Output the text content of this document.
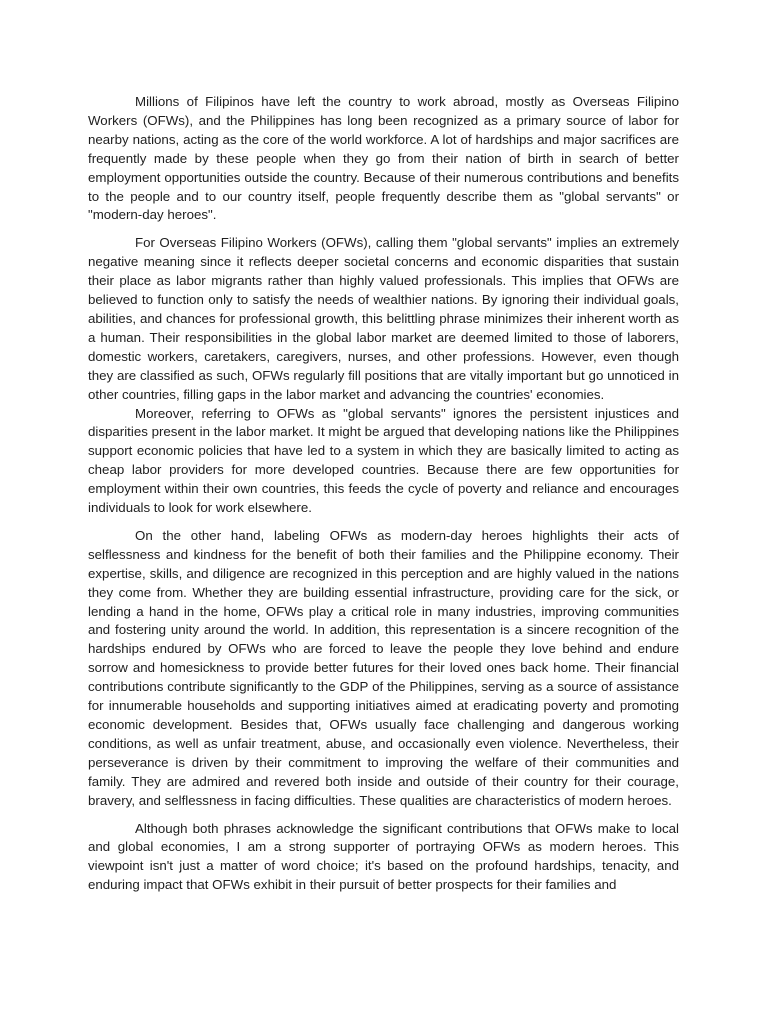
Millions of Filipinos have left the country to work abroad, mostly as Overseas Filipino Workers (OFWs), and the Philippines has long been recognized as a primary source of labor for nearby nations, acting as the core of the world workforce. A lot of hardships and major sacrifices are frequently made by these people when they go from their nation of birth in search of better employment opportunities outside the country. Because of their numerous contributions and benefits to the people and to our country itself, people frequently describe them as "global servants" or "modern-day heroes".

For Overseas Filipino Workers (OFWs), calling them "global servants" implies an extremely negative meaning since it reflects deeper societal concerns and economic disparities that sustain their place as labor migrants rather than highly valued professionals. This implies that OFWs are believed to function only to satisfy the needs of wealthier nations. By ignoring their individual goals, abilities, and chances for professional growth, this belittling phrase minimizes their inherent worth as a human. Their responsibilities in the global labor market are deemed limited to those of laborers, domestic workers, caretakers, caregivers, nurses, and other professions. However, even though they are classified as such, OFWs regularly fill positions that are vitally important but go unnoticed in other countries, filling gaps in the labor market and advancing the countries' economies.

Moreover, referring to OFWs as "global servants" ignores the persistent injustices and disparities present in the labor market. It might be argued that developing nations like the Philippines support economic policies that have led to a system in which they are basically limited to acting as cheap labor providers for more developed countries. Because there are few opportunities for employment within their own countries, this feeds the cycle of poverty and reliance and encourages individuals to look for work elsewhere.

On the other hand, labeling OFWs as modern-day heroes highlights their acts of selflessness and kindness for the benefit of both their families and the Philippine economy. Their expertise, skills, and diligence are recognized in this perception and are highly valued in the nations they come from. Whether they are building essential infrastructure, providing care for the sick, or lending a hand in the home, OFWs play a critical role in many industries, improving communities and fostering unity around the world. In addition, this representation is a sincere recognition of the hardships endured by OFWs who are forced to leave the people they love behind and endure sorrow and homesickness to provide better futures for their loved ones back home. Their financial contributions contribute significantly to the GDP of the Philippines, serving as a source of assistance for innumerable households and supporting initiatives aimed at eradicating poverty and promoting economic development. Besides that, OFWs usually face challenging and dangerous working conditions, as well as unfair treatment, abuse, and occasionally even violence. Nevertheless, their perseverance is driven by their commitment to improving the welfare of their communities and family. They are admired and revered both inside and outside of their country for their courage, bravery, and selflessness in facing difficulties. These qualities are characteristics of modern heroes.

Although both phrases acknowledge the significant contributions that OFWs make to local and global economies, I am a strong supporter of portraying OFWs as modern heroes. This viewpoint isn't just a matter of word choice; it's based on the profound hardships, tenacity, and enduring impact that OFWs exhibit in their pursuit of better prospects for their families and
